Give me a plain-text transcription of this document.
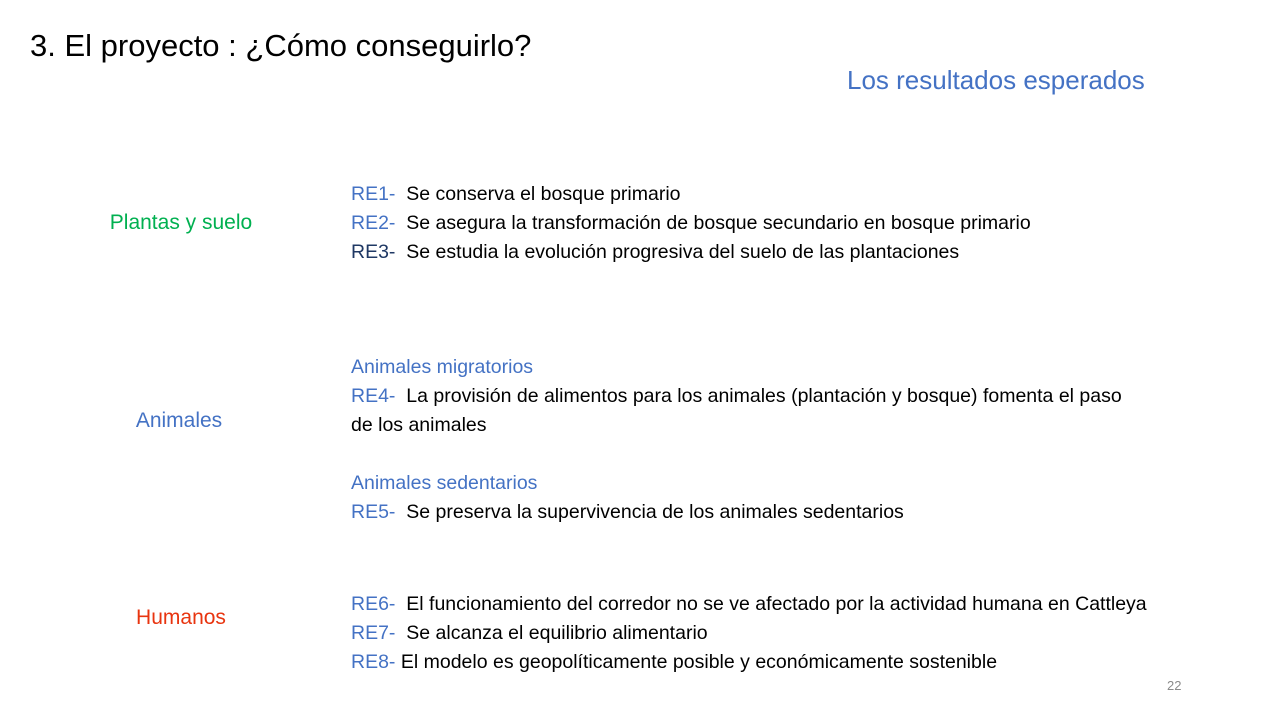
3. El proyecto : ¿Cómo conseguirlo?
Los resultados esperados
Plantas y suelo
Animales
Humanos
RE1- Se conserva el bosque primario
RE2- Se asegura la transformación de bosque secundario en bosque primario
RE3- Se estudia la evolución progresiva del suelo de las plantaciones
Animales migratorios
RE4- La provisión de alimentos para los animales (plantación y bosque) fomenta el paso
de los animales
Animales sedentarios
RE5- Se preserva la supervivencia de los animales sedentarios
RE6- El funcionamiento del corredor no se ve afectado por la actividad humana en Cattleya
RE7- Se alcanza el equilibrio alimentario
RE8- El modelo es geopolíticamente posible y económicamente sostenible
22
